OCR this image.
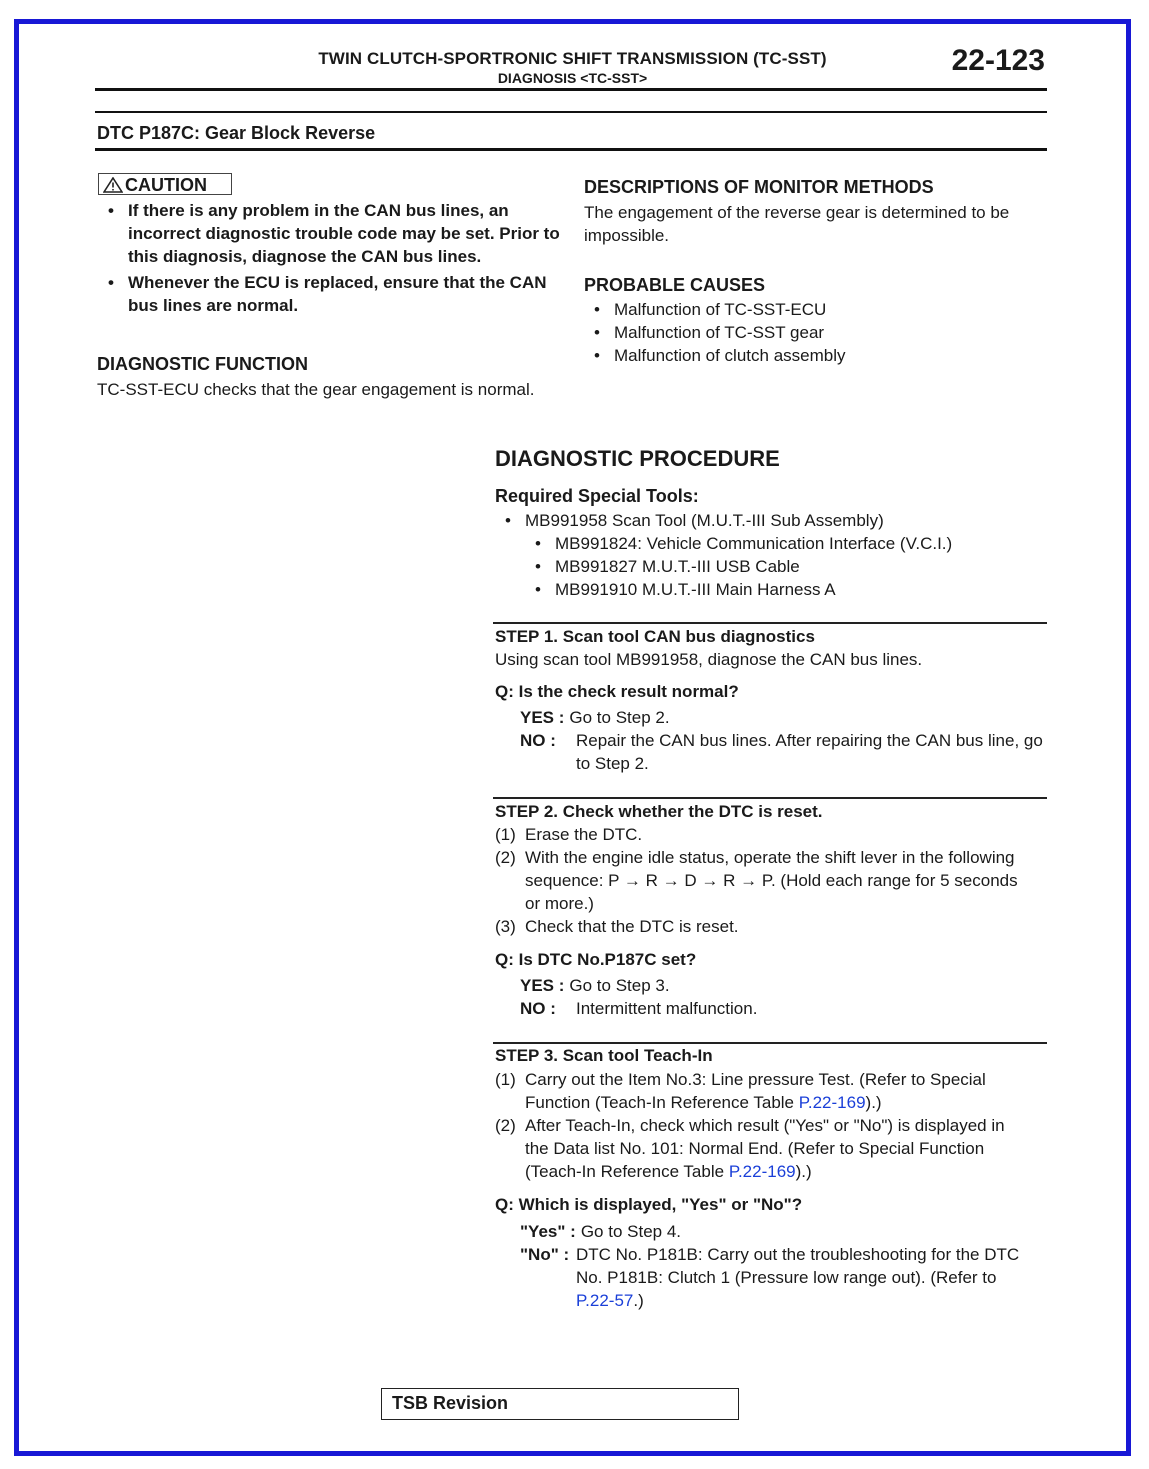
TWIN CLUTCH-SPORTRONIC SHIFT TRANSMISSION (TC-SST)
DIAGNOSIS <TC-SST>
22-123
DTC P187C: Gear Block Reverse
CAUTION
• If there is any problem in the CAN bus lines, an incorrect diagnostic trouble code may be set. Prior to this diagnosis, diagnose the CAN bus lines.
• Whenever the ECU is replaced, ensure that the CAN bus lines are normal.
DIAGNOSTIC FUNCTION
TC-SST-ECU checks that the gear engagement is normal.
DESCRIPTIONS OF MONITOR METHODS
The engagement of the reverse gear is determined to be impossible.
PROBABLE CAUSES
• Malfunction of TC-SST-ECU
• Malfunction of TC-SST gear
• Malfunction of clutch assembly
DIAGNOSTIC PROCEDURE
Required Special Tools:
• MB991958 Scan Tool (M.U.T.-III Sub Assembly)
• MB991824: Vehicle Communication Interface (V.C.I.)
• MB991827 M.U.T.-III USB Cable
• MB991910 M.U.T.-III Main Harness A
STEP 1. Scan tool CAN bus diagnostics
Using scan tool MB991958, diagnose the CAN bus lines.
Q: Is the check result normal?
YES : Go to Step 2.
NO :	Repair the CAN bus lines. After repairing the CAN bus line, go to Step 2.
STEP 2. Check whether the DTC is reset.
(1) Erase the DTC.
(2) With the engine idle status, operate the shift lever in the following sequence: P → R → D → R → P. (Hold each range for 5 seconds or more.)
(3) Check that the DTC is reset.
Q: Is DTC No.P187C set?
YES : Go to Step 3.
NO :	Intermittent malfunction.
STEP 3. Scan tool Teach-In
(1) Carry out the Item No.3: Line pressure Test. (Refer to Special Function (Teach-In Reference Table P.22-169).)
(2) After Teach-In, check which result ("Yes" or "No") is displayed in the Data list No. 101: Normal End. (Refer to Special Function (Teach-In Reference Table P.22-169).)
Q: Which is displayed, "Yes" or "No"?
"Yes" : Go to Step 4.
"No" : DTC No. P181B: Carry out the troubleshooting for the DTC No. P181B: Clutch 1 (Pressure low range out). (Refer to P.22-57.)
TSB Revision
